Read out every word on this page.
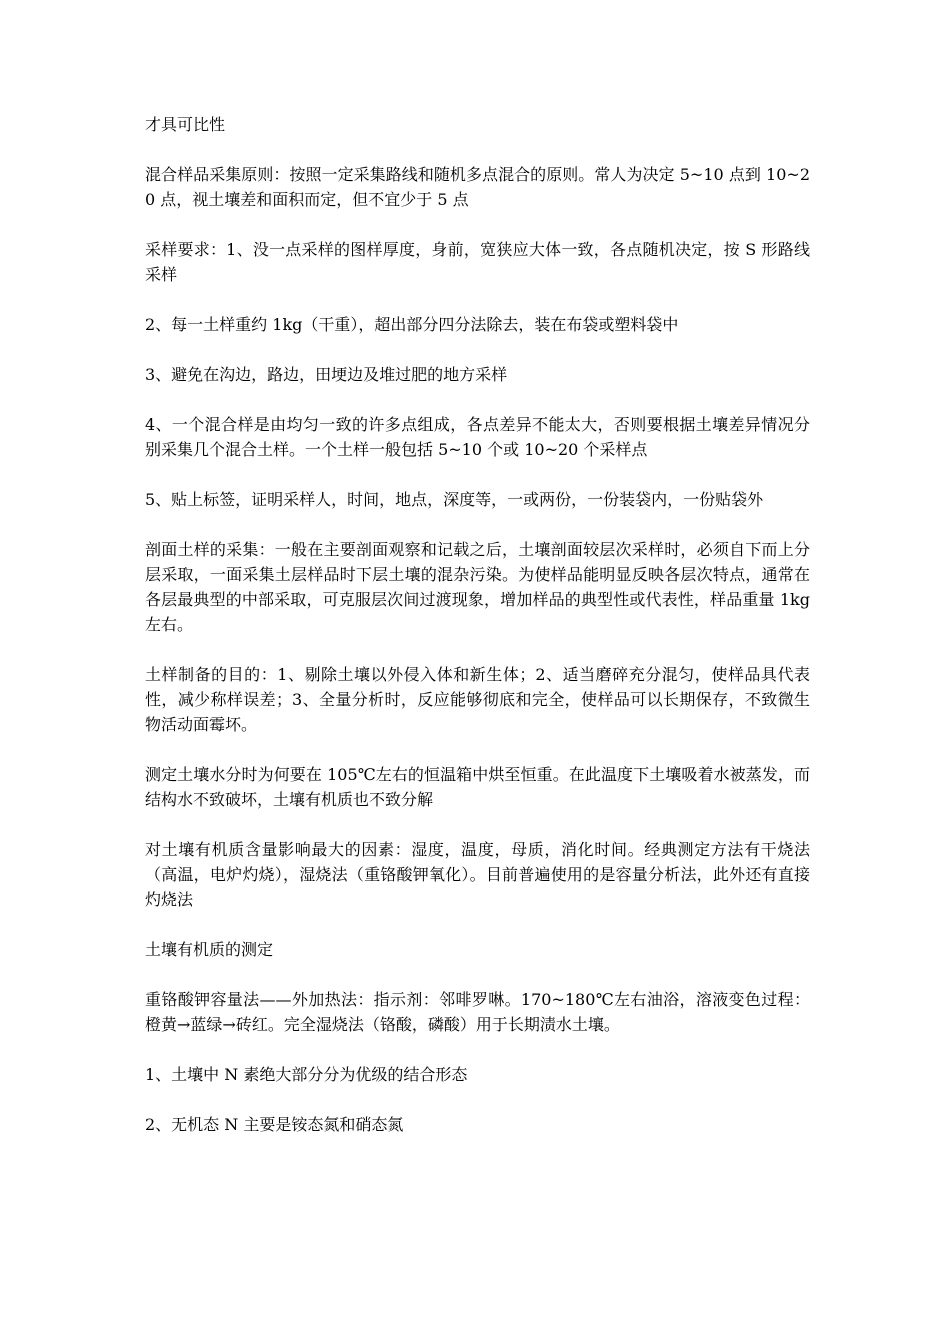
才具可比性

混合样品采集原则：按照一定采集路线和随机多点混合的原则。常人为决定 5~10 点到 10~20 点，视土壤差和面积而定，但不宜少于 5 点

采样要求：1、没一点采样的图样厚度，身前，宽狭应大体一致，各点随机决定，按 S 形路线采样

2、每一土样重约 1kg（干重），超出部分四分法除去，装在布袋或塑料袋中

3、避免在沟边，路边，田埂边及堆过肥的地方采样

4、一个混合样是由均匀一致的许多点组成，各点差异不能太大，否则要根据土壤差异情况分别采集几个混合土样。一个土样一般包括 5~10 个或 10~20 个采样点

5、贴上标签，证明采样人，时间，地点，深度等，一或两份，一份装袋内，一份贴袋外

剖面土样的采集：一般在主要剖面观察和记载之后，土壤剖面较层次采样时，必须自下而上分层采取，一面采集土层样品时下层土壤的混杂污染。为使样品能明显反映各层次特点，通常在各层最典型的中部采取，可克服层次间过渡现象，增加样品的典型性或代表性，样品重量 1kg 左右。

土样制备的目的：1、剔除土壤以外侵入体和新生体；2、适当磨碎充分混匀，使样品具代表性，减少称样误差；3、全量分析时，反应能够彻底和完全，使样品可以长期保存，不致微生物活动面霉坏。

测定土壤水分时为何要在 105℃左右的恒温箱中烘至恒重。在此温度下土壤吸着水被蒸发，而结构水不致破坏，土壤有机质也不致分解

对土壤有机质含量影响最大的因素：湿度，温度，母质，消化时间。经典测定方法有干烧法（高温，电炉灼烧），湿烧法（重铬酸钾氧化）。目前普遍使用的是容量分析法，此外还有直接灼烧法

土壤有机质的测定

重铬酸钾容量法——外加热法：指示剂：邻啡罗啉。170~180℃左右油浴，溶液变色过程：橙黄→蓝绿→砖红。完全湿烧法（铬酸，磷酸）用于长期渍水土壤。

1、土壤中 N 素绝大部分分为优级的结合形态

2、无机态 N 主要是铵态氮和硝态氮
